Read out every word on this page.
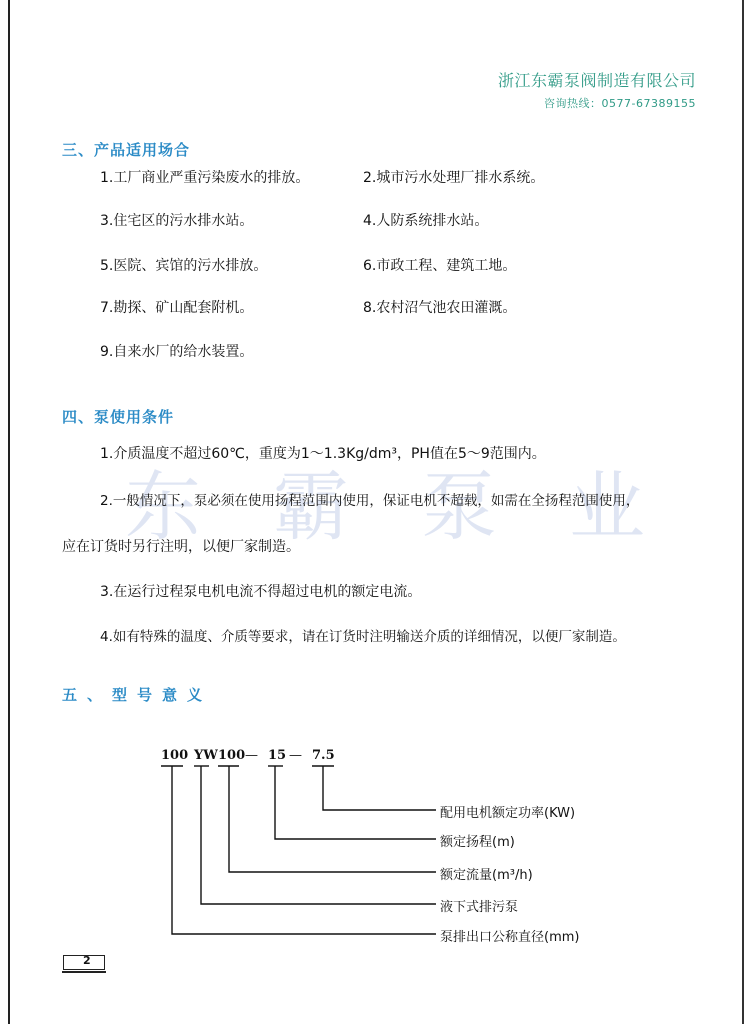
浙江东霸泵阀制造有限公司
咨询热线：0577-67389155
东 霸 泵 业
三、产品适用场合
1.工厂商业严重污染废水的排放。	2.城市污水处理厂排水系统。
3.住宅区的污水排水站。	4.人防系统排水站。
5.医院、宾馆的污水排放。	6.市政工程、建筑工地。
7.勘探、矿山配套附机。	8.农村沼气池农田灌溉。
9.自来水厂的给水装置。
四、泵使用条件
1.介质温度不超过60℃，重度为1～1.3Kg/dm³，PH值在5～9范围内。
2.一般情况下，泵必须在使用扬程范围内使用，保证电机不超载，如需在全扬程范围使用，
应在订货时另行注明，以便厂家制造。
3.在运行过程泵电机电流不得超过电机的额定电流。
4.如有特殊的温度、介质等要求，请在订货时注明输送介质的详细情况，以便厂家制造。
五、型号意义
100 YW 100 — 15 — 7.5
配用电机额定功率(KW)
额定扬程(m)
额定流量(m³/h)
液下式排污泵
泵排出口公称直径(mm)
2
